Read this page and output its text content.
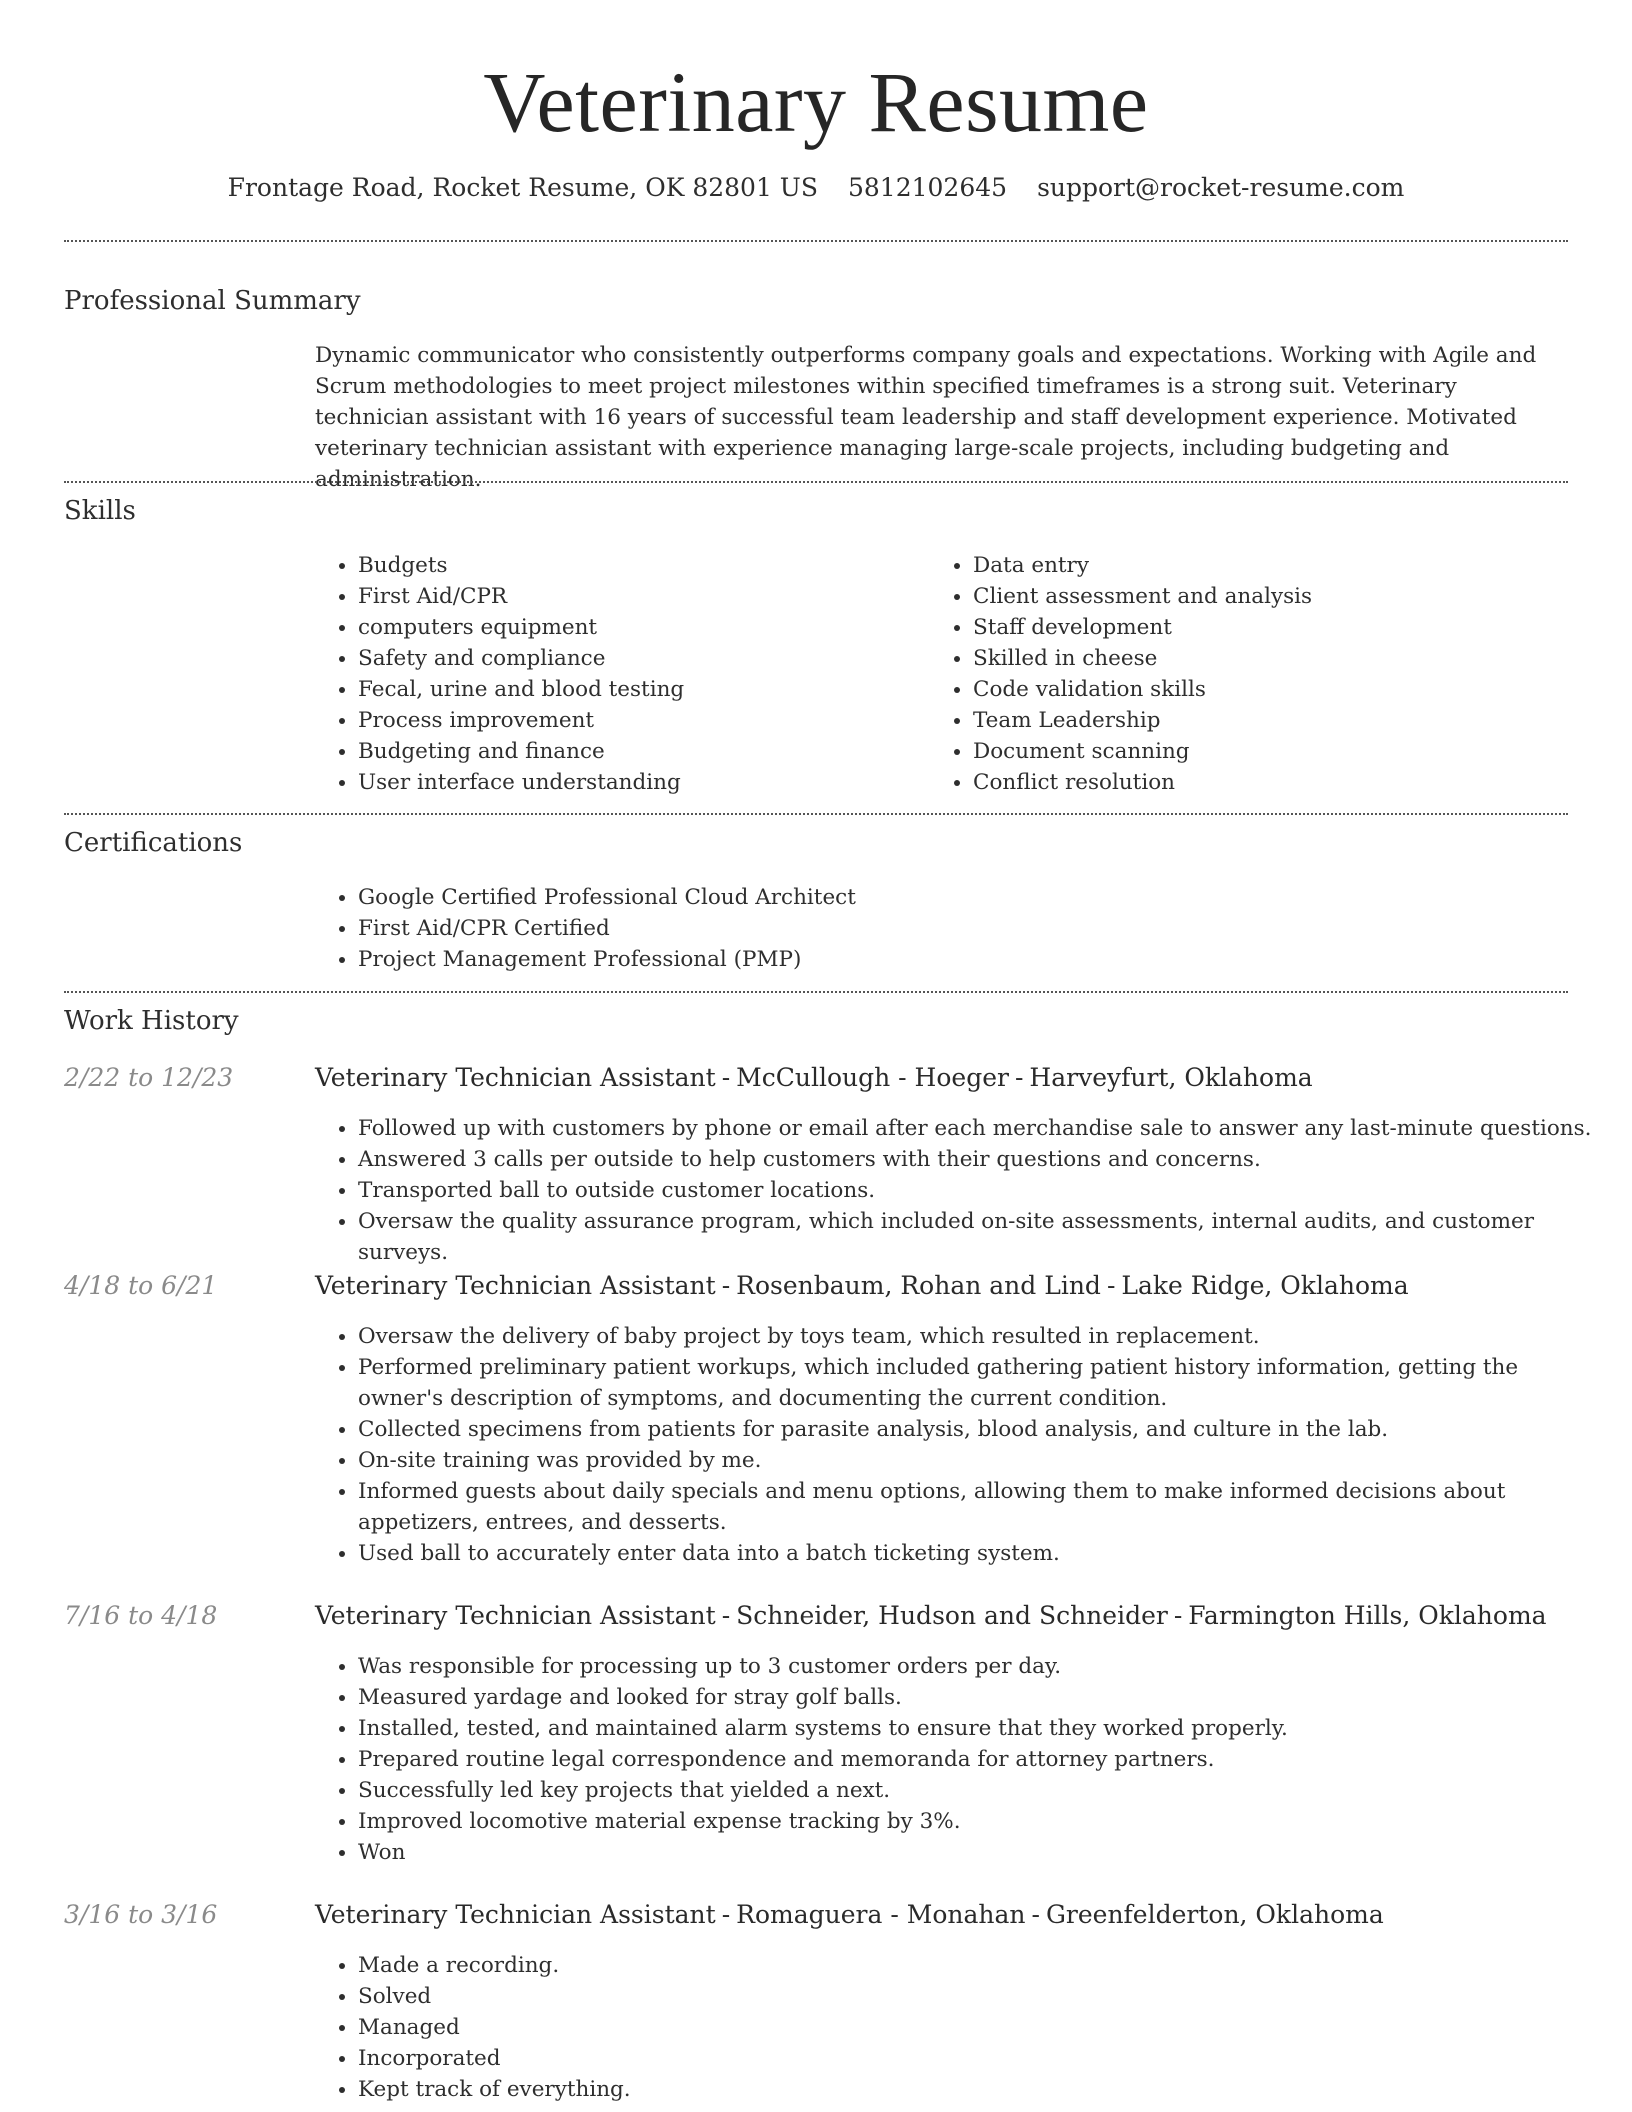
Veterinary Resume
Frontage Road, Rocket Resume, OK 82801 US 5812102645 support@rocket-resume.com
Professional Summary

Dynamic communicator who consistently outperforms company goals and expectations. Working with Agile and Scrum methodologies to meet project milestones within specified timeframes is a strong suit. Veterinary technician assistant with 16 years of successful team leadership and staff development experience. Motivated veterinary technician assistant with experience managing large-scale projects, including budgeting and administration.

Skills
• Budgets
• First Aid/CPR
• computers equipment
• Safety and compliance
• Fecal, urine and blood testing
• Process improvement
• Budgeting and finance
• User interface understanding
• Data entry
• Client assessment and analysis
• Staff development
• Skilled in cheese
• Code validation skills
• Team Leadership
• Document scanning
• Conflict resolution
Certifications
• Google Certified Professional Cloud Architect
• First Aid/CPR Certified
• Project Management Professional (PMP)
Work History
2/22 to 12/23	Veterinary Technician Assistant - McCullough - Hoeger - Harveyfurt, Oklahoma
• Followed up with customers by phone or email after each merchandise sale to answer any last-minute questions.
• Answered 3 calls per outside to help customers with their questions and concerns.
• Transported ball to outside customer locations.
• Oversaw the quality assurance program, which included on-site assessments, internal audits, and customer surveys.
4/18 to 6/21	Veterinary Technician Assistant - Rosenbaum, Rohan and Lind - Lake Ridge, Oklahoma
• Oversaw the delivery of baby project by toys team, which resulted in replacement.
• Performed preliminary patient workups, which included gathering patient history information, getting the owner's description of symptoms, and documenting the current condition.
• Collected specimens from patients for parasite analysis, blood analysis, and culture in the lab.
• On-site training was provided by me.
• Informed guests about daily specials and menu options, allowing them to make informed decisions about appetizers, entrees, and desserts.
• Used ball to accurately enter data into a batch ticketing system.
7/16 to 4/18	Veterinary Technician Assistant - Schneider, Hudson and Schneider - Farmington Hills, Oklahoma
• Was responsible for processing up to 3 customer orders per day.
• Measured yardage and looked for stray golf balls.
• Installed, tested, and maintained alarm systems to ensure that they worked properly.
• Prepared routine legal correspondence and memoranda for attorney partners.
• Successfully led key projects that yielded a next.
• Improved locomotive material expense tracking by 3%.
• Won
3/16 to 3/16	Veterinary Technician Assistant - Romaguera - Monahan - Greenfelderton, Oklahoma
• Made a recording.
• Solved
• Managed
• Incorporated
• Kept track of everything.
